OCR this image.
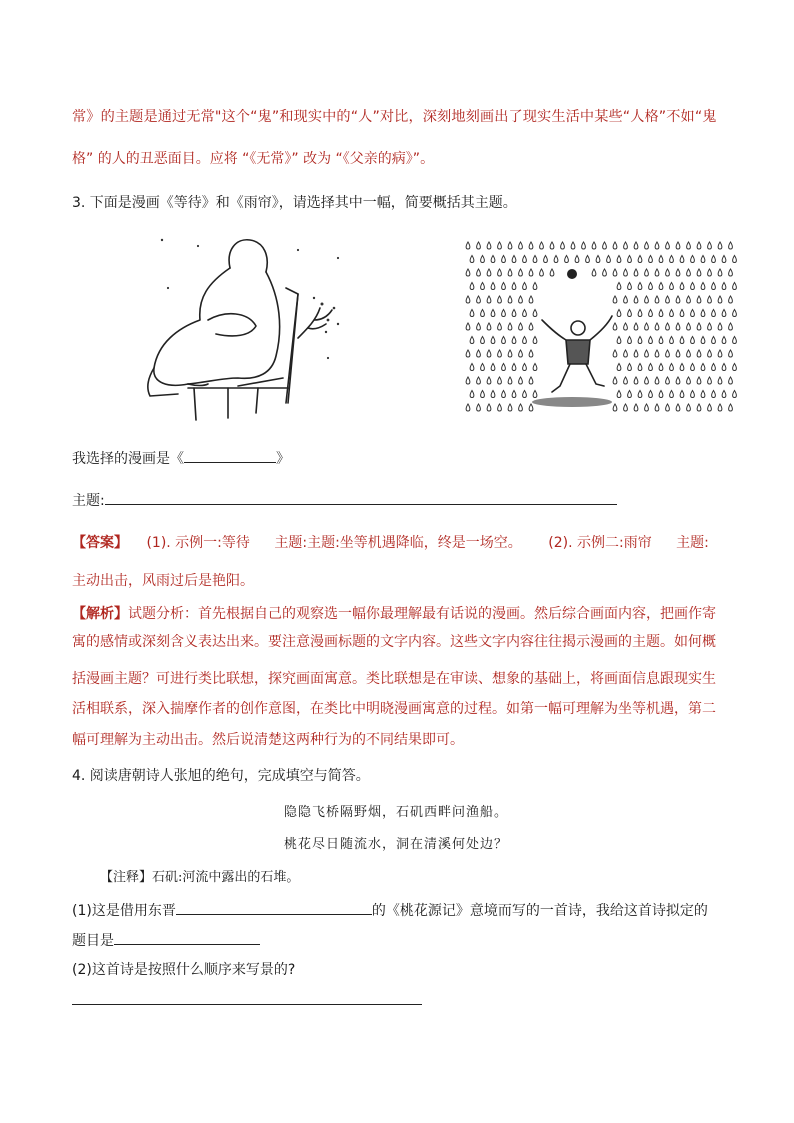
常》的主题是通过无常"这个“鬼”和现实中的“人”对比，深刻地刻画出了现实生活中某些“人格”不如“鬼
格” 的人的丑恶面目。应将 “《无常》” 改为 “《父亲的病》”。
3. 下面是漫画《等待》和《雨帘》，请选择其中一幅，简要概括其主题。
我选择的漫画是《	》
主题:
【答案】 (1). 示例一:等待 主题:主题:坐等机遇降临，终是一场空。 (2). 示例二:雨帘 主题:
主动出击，风雨过后是艳阳。
【解析】试题分析：首先根据自己的观察选一幅你最理解最有话说的漫画。然后综合画面内容，把画作寄
寓的感情或深刻含义表达出来。要注意漫画标题的文字内容。这些文字内容往往揭示漫画的主题。如何概
括漫画主题？可进行类比联想，探究画面寓意。类比联想是在审读、想象的基础上，将画面信息跟现实生
活相联系，深入揣摩作者的创作意图，在类比中明晓漫画寓意的过程。如第一幅可理解为坐等机遇，第二
幅可理解为主动出击。然后说清楚这两种行为的不同结果即可。
4. 阅读唐朝诗人张旭的绝句，完成填空与简答。
隐隐飞桥隔野烟，石矶西畔问渔船。
桃花尽日随流水，洞在清溪何处边？
【注释】石矶:河流中露出的石堆。
(1)这是借用东晋	的《桃花源记》意境而写的一首诗，我给这首诗拟定的
题目是
(2)这首诗是按照什么顺序来写景的?
